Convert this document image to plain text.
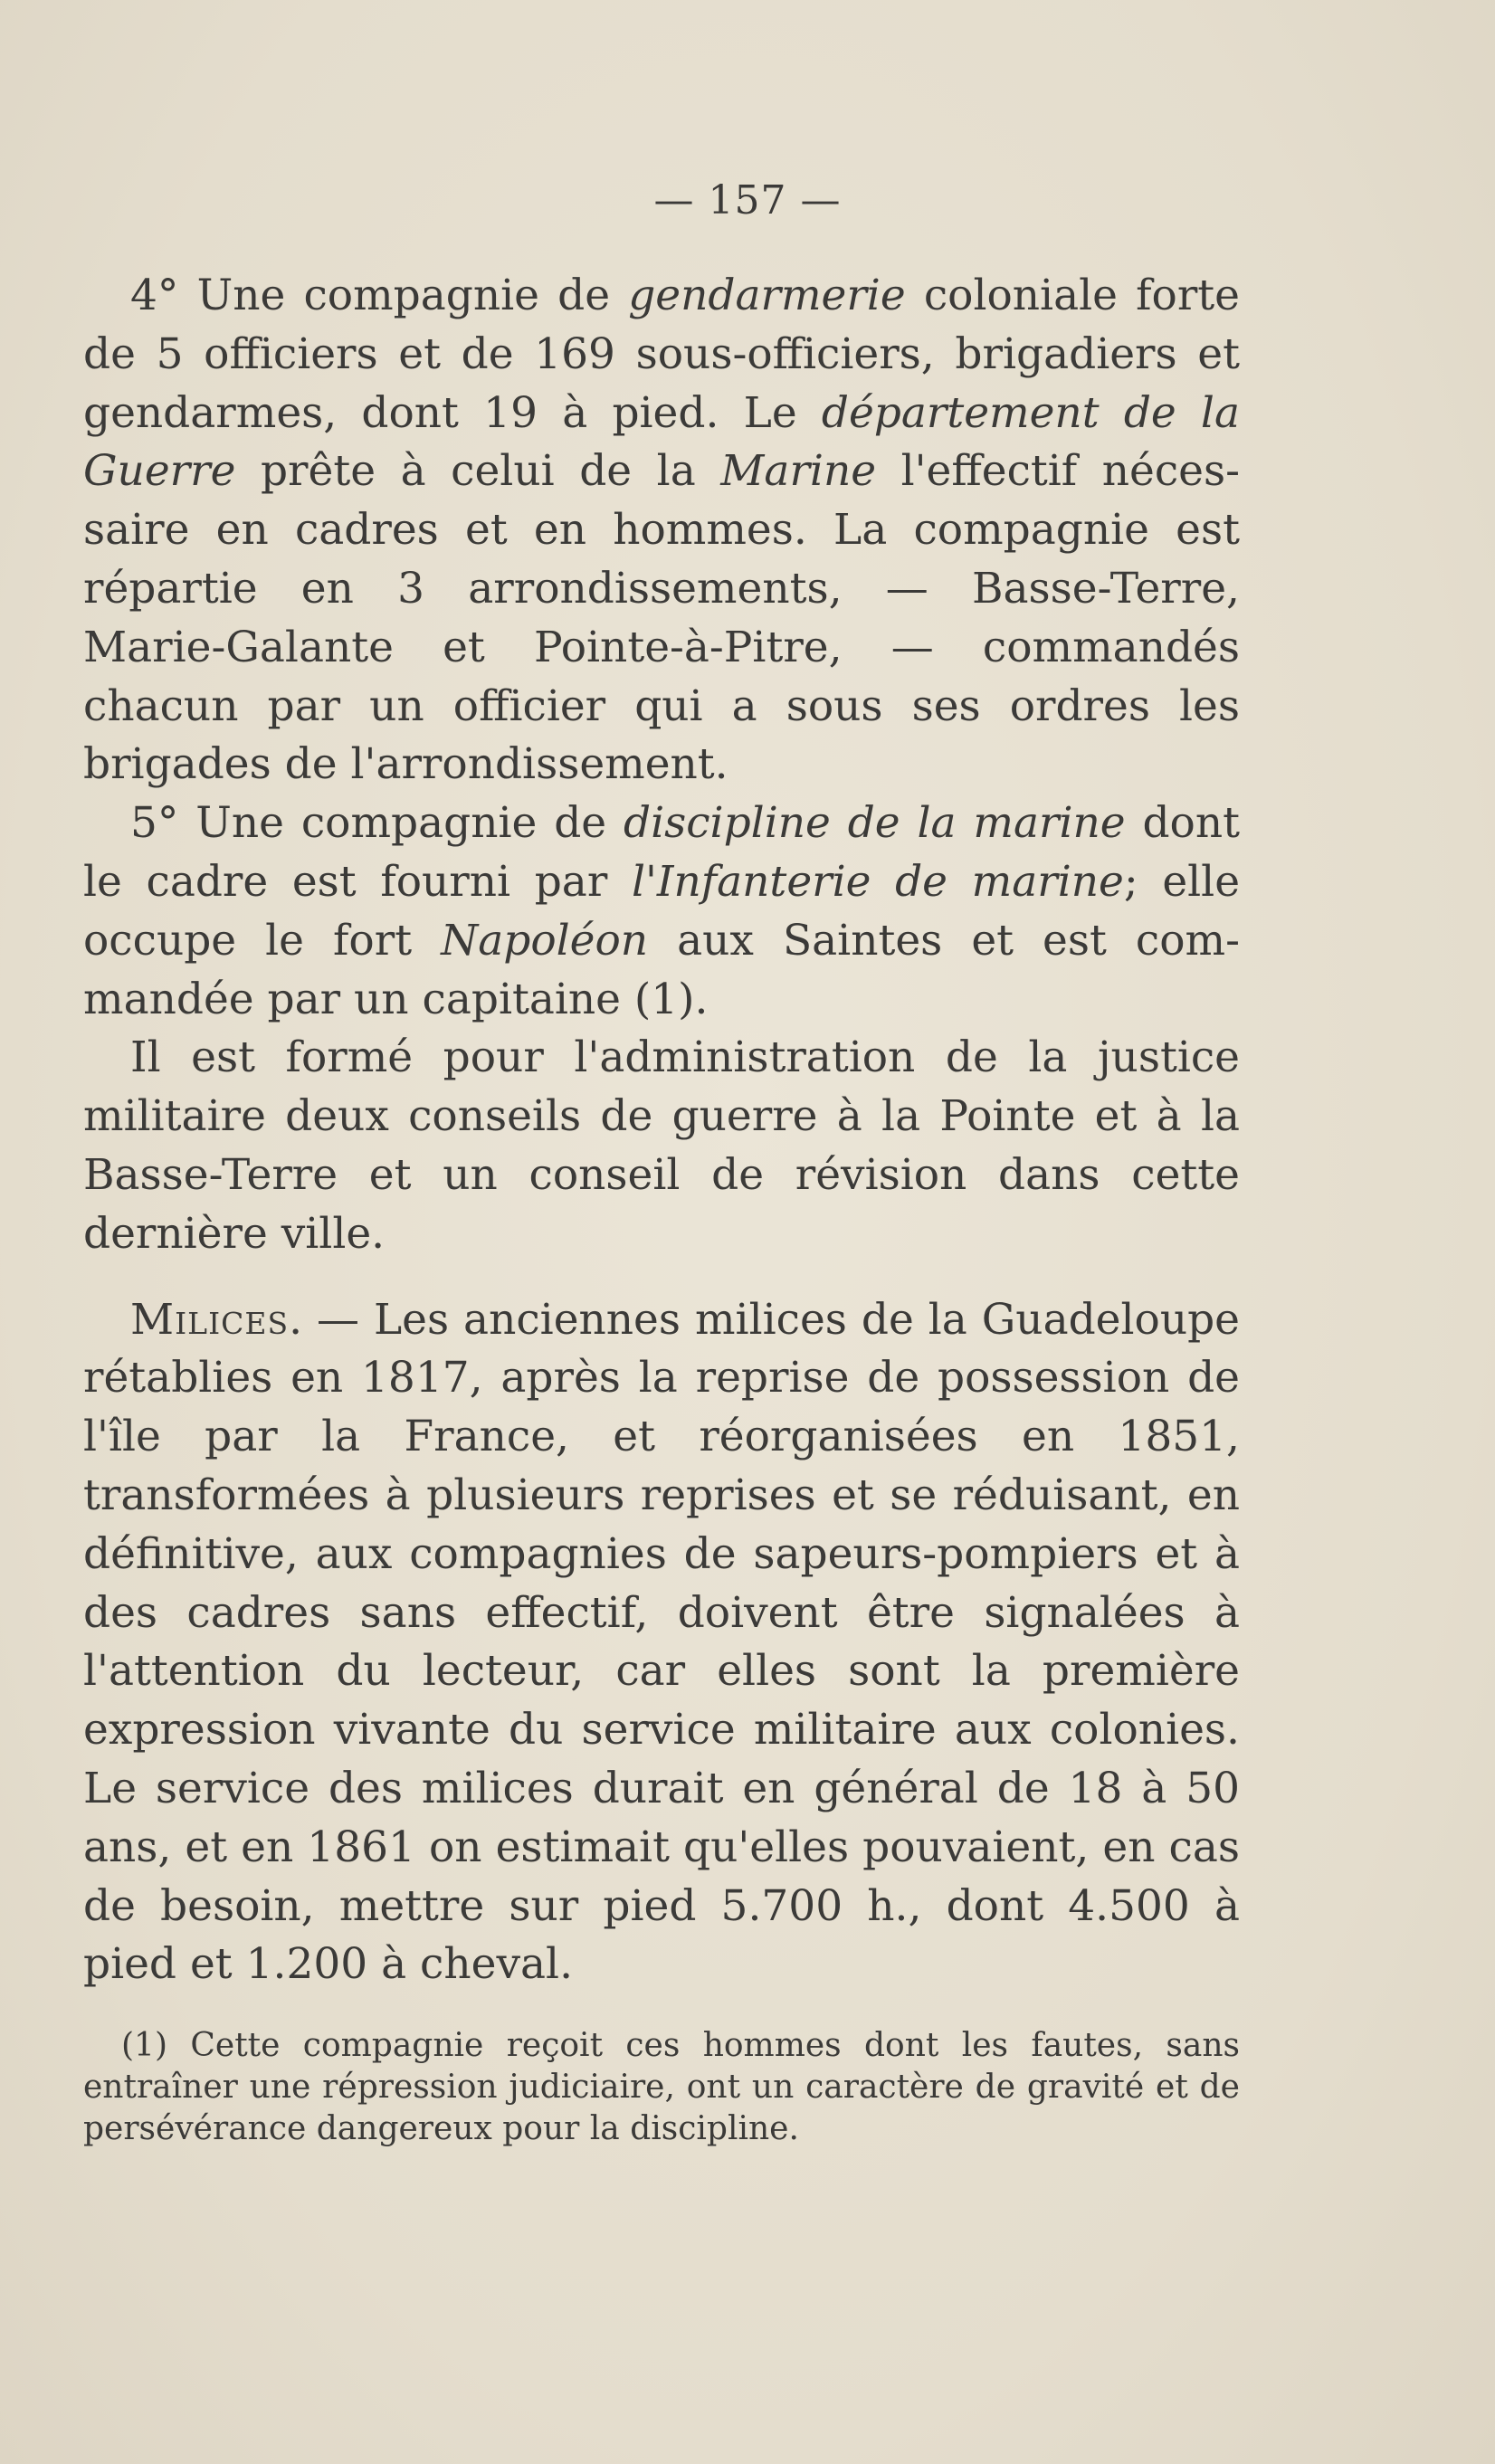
— 157 —

4° Une compagnie de gendarmerie coloniale forte de 5 officiers et de 169 sous-officiers, brigadiers et gendarmes, dont 19 à pied. Le département de la Guerre prête à celui de la Marine l'effectif nécessaire en cadres et en hommes. La compagnie est répartie en 3 arrondissements, — Basse-Terre, Marie-Galante et Pointe-à-Pitre, — commandés chacun par un officier qui a sous ses ordres les brigades de l'arrondissement.

5° Une compagnie de discipline de la marine dont le cadre est fourni par l'Infanterie de marine; elle occupe le fort Napoléon aux Saintes et est commandée par un capitaine (1).

Il est formé pour l'administration de la justice militaire deux conseils de guerre à la Pointe et à la Basse-Terre et un conseil de révision dans cette dernière ville.

Milices. — Les anciennes milices de la Guadeloupe rétablies en 1817, après la reprise de possession de l'île par la France, et réorganisées en 1851, transformées à plusieurs reprises et se réduisant, en définitive, aux compagnies de sapeurs-pompiers et à des cadres sans effectif, doivent être signalées à l'attention du lecteur, car elles sont la première expression vivante du service militaire aux colonies. Le service des milices durait en général de 18 à 50 ans, et en 1861 on estimait qu'elles pouvaient, en cas de besoin, mettre sur pied 5.700 h., dont 4.500 à pied et 1.200 à cheval.

(1) Cette compagnie reçoit ces hommes dont les fautes, sans entraîner une répression judiciaire, ont un caractère de gravité et de persévérance dangereux pour la discipline.
